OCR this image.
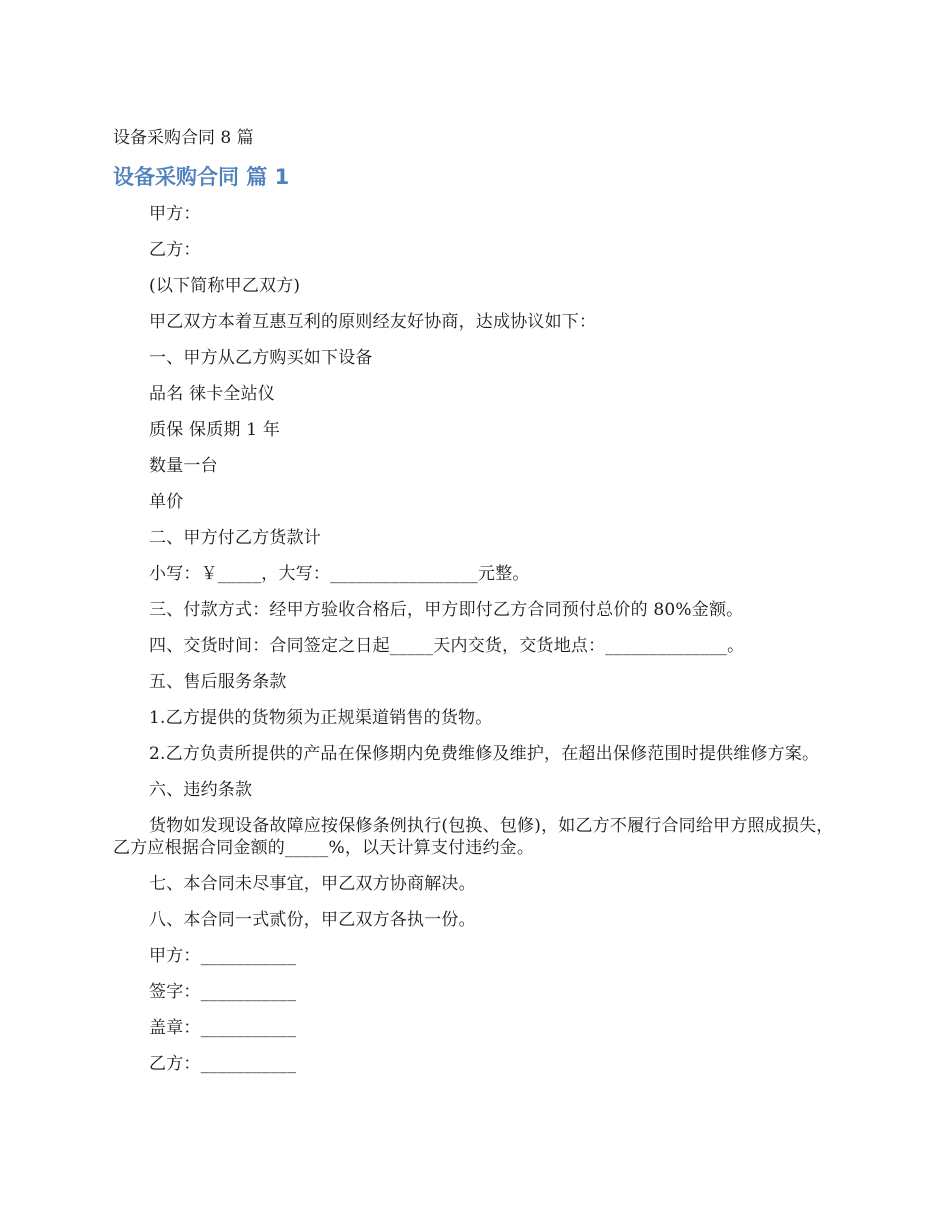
设备采购合同 8 篇
设备采购合同 篇 1

甲方：

乙方：

(以下简称甲乙双方)

甲乙双方本着互惠互利的原则经友好协商，达成协议如下：

一、甲方从乙方购买如下设备

品名 徕卡全站仪

质保 保质期 1 年

数量一台

单价

二、甲方付乙方货款计

小写：￥_____，大写：_________________元整。

三、付款方式：经甲方验收合格后，甲方即付乙方合同预付总价的 80%金额。

四、交货时间：合同签定之日起_____天内交货，交货地点：______________。

五、售后服务条款

1.乙方提供的货物须为正规渠道销售的货物。

2.乙方负责所提供的产品在保修期内免费维修及维护，在超出保修范围时提供维修方案。

六、违约条款

货物如发现设备故障应按保修条例执行(包换、包修)，如乙方不履行合同给甲方照成损失，乙方应根据合同金额的_____%，以天计算支付违约金。

七、本合同未尽事宜，甲乙双方协商解决。

八、本合同一式贰份，甲乙双方各执一份。

甲方：___________

签字：___________

盖章：___________

乙方：___________
